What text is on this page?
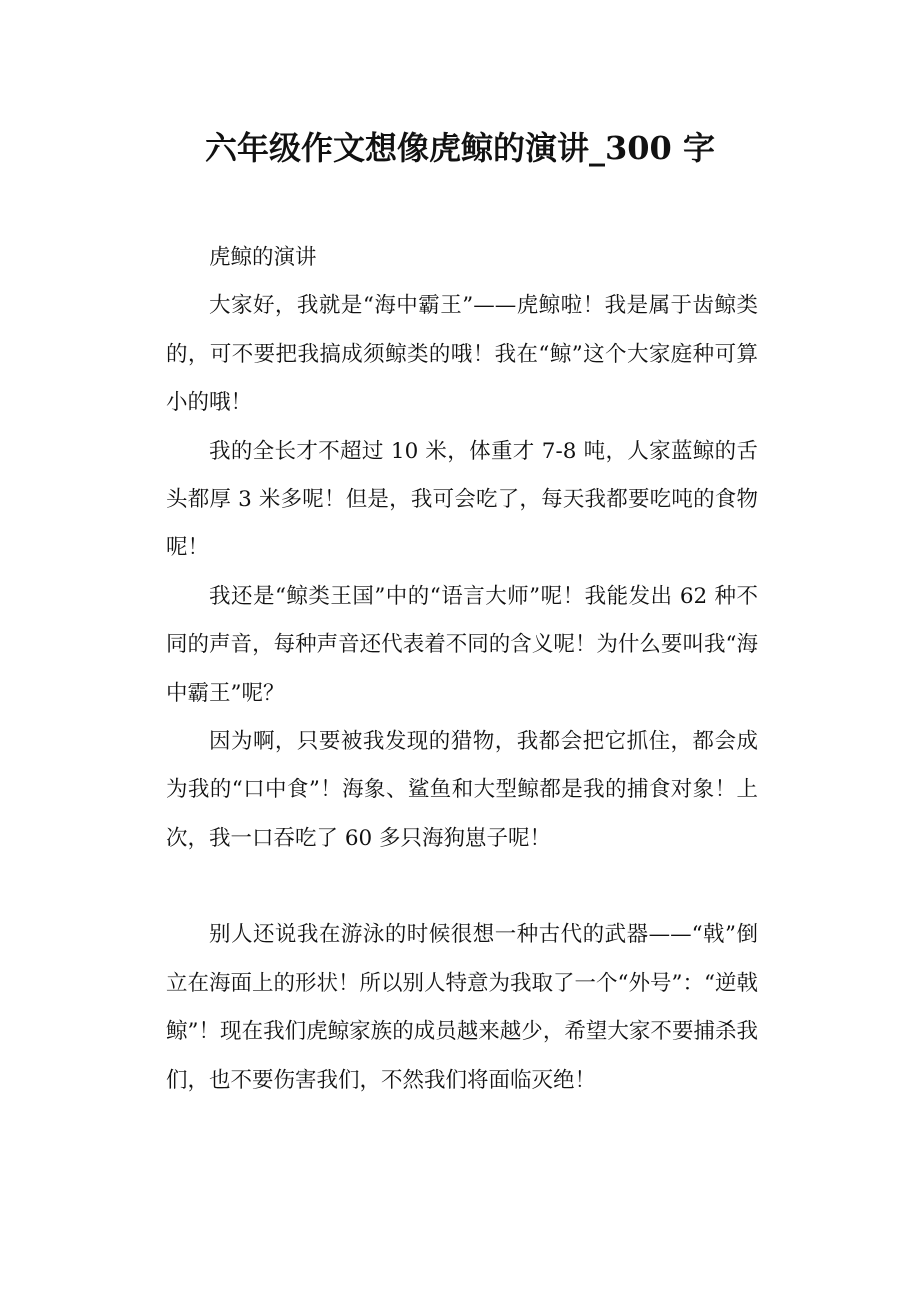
六年级作文想像虎鲸的演讲_300 字

虎鲸的演讲

大家好，我就是“海中霸王”——虎鲸啦！我是属于齿鲸类的，可不要把我搞成须鲸类的哦！我在“鲸”这个大家庭种可算小的哦！

我的全长才不超过 10 米，体重才 7-8 吨，人家蓝鲸的舌头都厚 3 米多呢！但是，我可会吃了，每天我都要吃吨的食物呢！

我还是“鲸类王国”中的“语言大师”呢！我能发出 62 种不同的声音，每种声音还代表着不同的含义呢！为什么要叫我“海中霸王”呢？

因为啊，只要被我发现的猎物，我都会把它抓住，都会成为我的“口中食”！海象、鲨鱼和大型鲸都是我的捕食对象！上次，我一口吞吃了 60 多只海狗崽子呢！

别人还说我在游泳的时候很想一种古代的武器——“戟”倒立在海面上的形状！所以别人特意为我取了一个“外号”：“逆戟鲸”！现在我们虎鲸家族的成员越来越少，希望大家不要捕杀我们，也不要伤害我们，不然我们将面临灭绝！
